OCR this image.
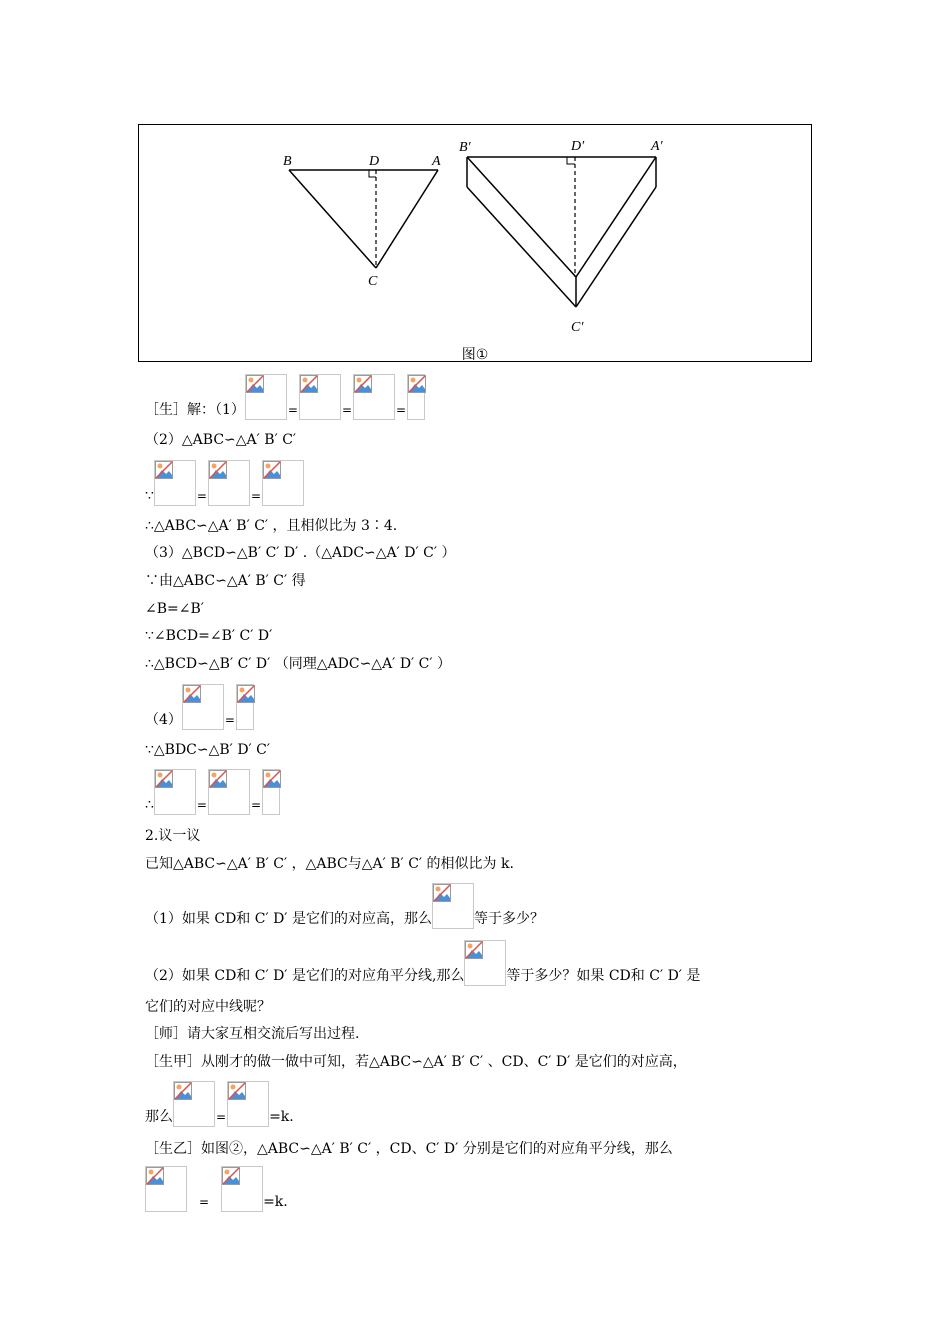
B	D	A
C
B′	D′	A′
C′
图①
［生］解：（1）	=	=	=
（2）△ABC∽△A′ B′ C′
∵	=	=
∴△ABC∽△A′ B′ C′ ，且相似比为 3∶4.
（3）△BCD∽△B′ C′ D′ .（△ADC∽△A′ D′ C′ ）
∵由△ABC∽△A′ B′ C′ 得
∠B=∠B′
∵∠BCD=∠B′ C′ D′
∴△BCD∽△B′ C′ D′ （同理△ADC∽△A′ D′ C′ ）
（4）	=
∵△BDC∽△B′ D′ C′
∴	=	=
2.议一议
已知△ABC∽△A′ B′ C′ ，△ABC与△A′ B′ C′ 的相似比为 k.
（1）如果 CD和 C′ D′ 是它们的对应高，那么	等于多少？
（2）如果 CD和 C′ D′ 是它们的对应角平分线,那么	等于多少？如果 CD和 C′ D′ 是
它们的对应中线呢？
［师］请大家互相交流后写出过程.
［生甲］从刚才的做一做中可知，若△ABC∽△A′ B′ C′ 、CD、C′ D′ 是它们的对应高，
那么	=	=k.
［生乙］如图②，△ABC∽△A′ B′ C′ ，CD、C′ D′ 分别是它们的对应角平分线，那么
=	=k.
